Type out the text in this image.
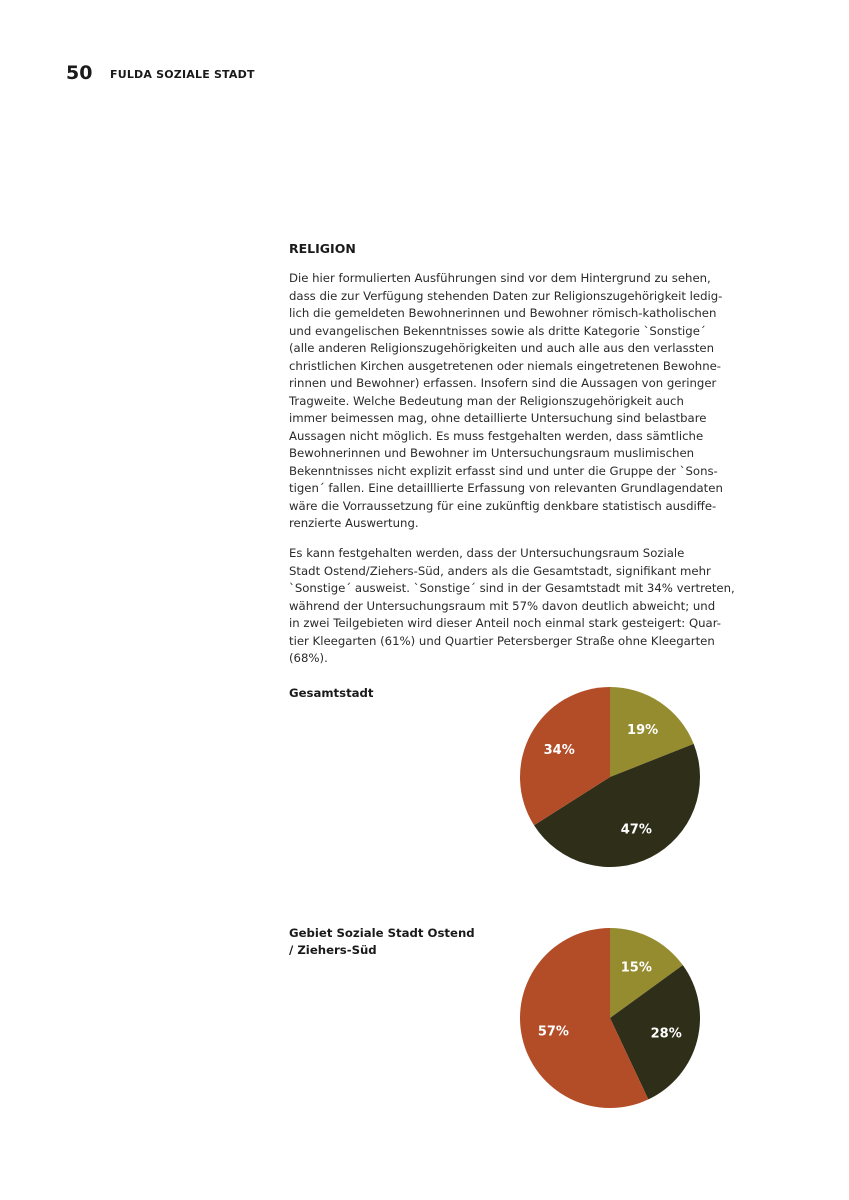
50 FULDA SOZIALE STADT
RELIGION

Die hier formulierten Ausführungen sind vor dem Hintergrund zu sehen,
dass die zur Verfügung stehenden Daten zur Religionszugehörigkeit ledig-
lich die gemeldeten Bewohnerinnen und Bewohner römisch-katholischen
und evangelischen Bekenntnisses sowie als dritte Kategorie `Sonstige´
(alle anderen Religionszugehörigkeiten und auch alle aus den verlassten
christlichen Kirchen ausgetretenen oder niemals eingetretenen Bewohne-
rinnen und Bewohner) erfassen. Insofern sind die Aussagen von geringer
Tragweite. Welche Bedeutung man der Religionszugehörigkeit auch
immer beimessen mag, ohne detaillierte Untersuchung sind belastbare
Aussagen nicht möglich. Es muss festgehalten werden, dass sämtliche
Bewohnerinnen und Bewohner im Untersuchungsraum muslimischen
Bekenntnisses nicht explizit erfasst sind und unter die Gruppe der `Sons-
tigen´ fallen. Eine detailllierte Erfassung von relevanten Grundlagendaten
wäre die Vorraussetzung für eine zukünftig denkbare statistisch ausdiffe-
renzierte Auswertung.

Es kann festgehalten werden, dass der Untersuchungsraum Soziale
Stadt Ostend/Ziehers-Süd, anders als die Gesamtstadt, signifikant mehr
`Sonstige´ ausweist. `Sonstige´ sind in der Gesamtstadt mit 34% vertreten,
während der Untersuchungsraum mit 57% davon deutlich abweicht; und
in zwei Teilgebieten wird dieser Anteil noch einmal stark gesteigert: Quar-
tier Kleegarten (61%) und Quartier Petersberger Straße ohne Kleegarten
(68%).

Gesamtstadt
19%
47%
34%
Gebiet Soziale Stadt Ostend
/ Ziehers-Süd
15%
28%
57%
